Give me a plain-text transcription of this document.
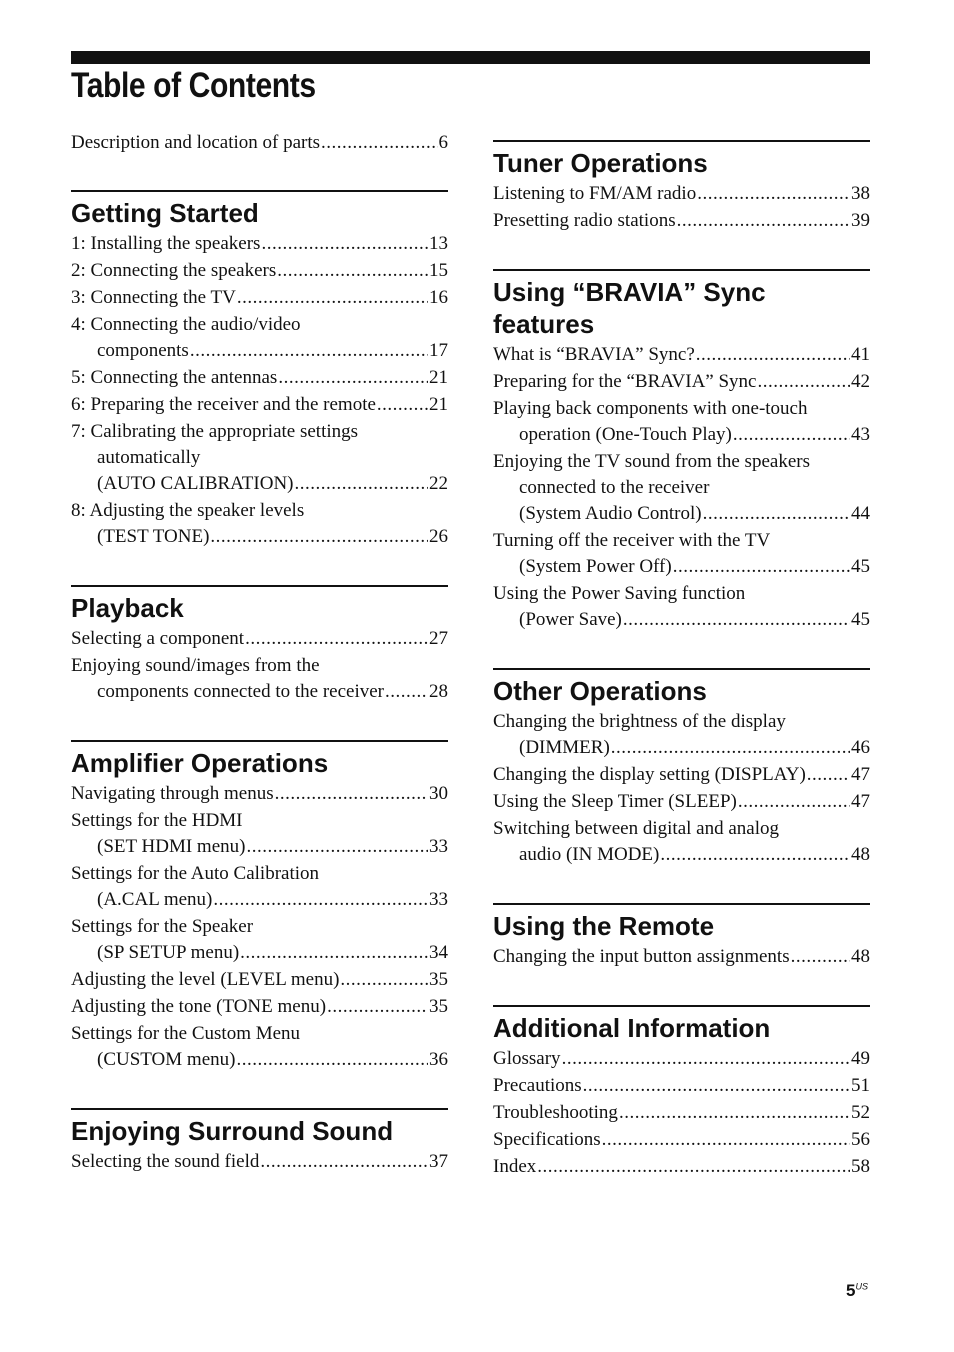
Table of Contents
Description and location of parts .....	6
Getting Started
1: Installing the speakers .....	13
2: Connecting the speakers .....	15
3: Connecting the TV .....	16
4: Connecting the audio/video
components .....	17
5: Connecting the antennas .....	21
6: Preparing the receiver and the remote .....	21
7: Calibrating the appropriate settings
automatically
(AUTO CALIBRATION) .....	22
8: Adjusting the speaker levels
(TEST TONE) .....	26
Playback
Selecting a component .....	27
Enjoying sound/images from the
components connected to the receiver ..... 28
Amplifier Operations
Navigating through menus .....	30
Settings for the HDMI
(SET HDMI menu) .....	33
Settings for the Auto Calibration
(A.CAL menu) .....	33
Settings for the Speaker
(SP SETUP menu) .....	34
Adjusting the level (LEVEL menu) .....	35
Adjusting the tone (TONE menu) .....	35
Settings for the Custom Menu
(CUSTOM menu) .....	36
Enjoying Surround Sound
Selecting the sound field .....	37
Tuner Operations
Listening to FM/AM radio .....	38
Presetting radio stations .....	39
Using “BRAVIA” Sync features
What is “BRAVIA” Sync? .....	41
Preparing for the “BRAVIA” Sync .....	42
Playing back components with one-touch
operation (One-Touch Play) .....	43
Enjoying the TV sound from the speakers
connected to the receiver
(System Audio Control) .....	44
Turning off the receiver with the TV
(System Power Off) .....	45
Using the Power Saving function
(Power Save) .....	45
Other Operations
Changing the brightness of the display
(DIMMER) .....	46
Changing the display setting (DISPLAY) ..... 47
Using the Sleep Timer (SLEEP) .....	47
Switching between digital and analog
audio (IN MODE) .....	48
Using the Remote
Changing the input button assignments .....	48
Additional Information
Glossary .....	49
Precautions .....	51
Troubleshooting .....	52
Specifications .....	56
Index .....	58
$5^{US}$
